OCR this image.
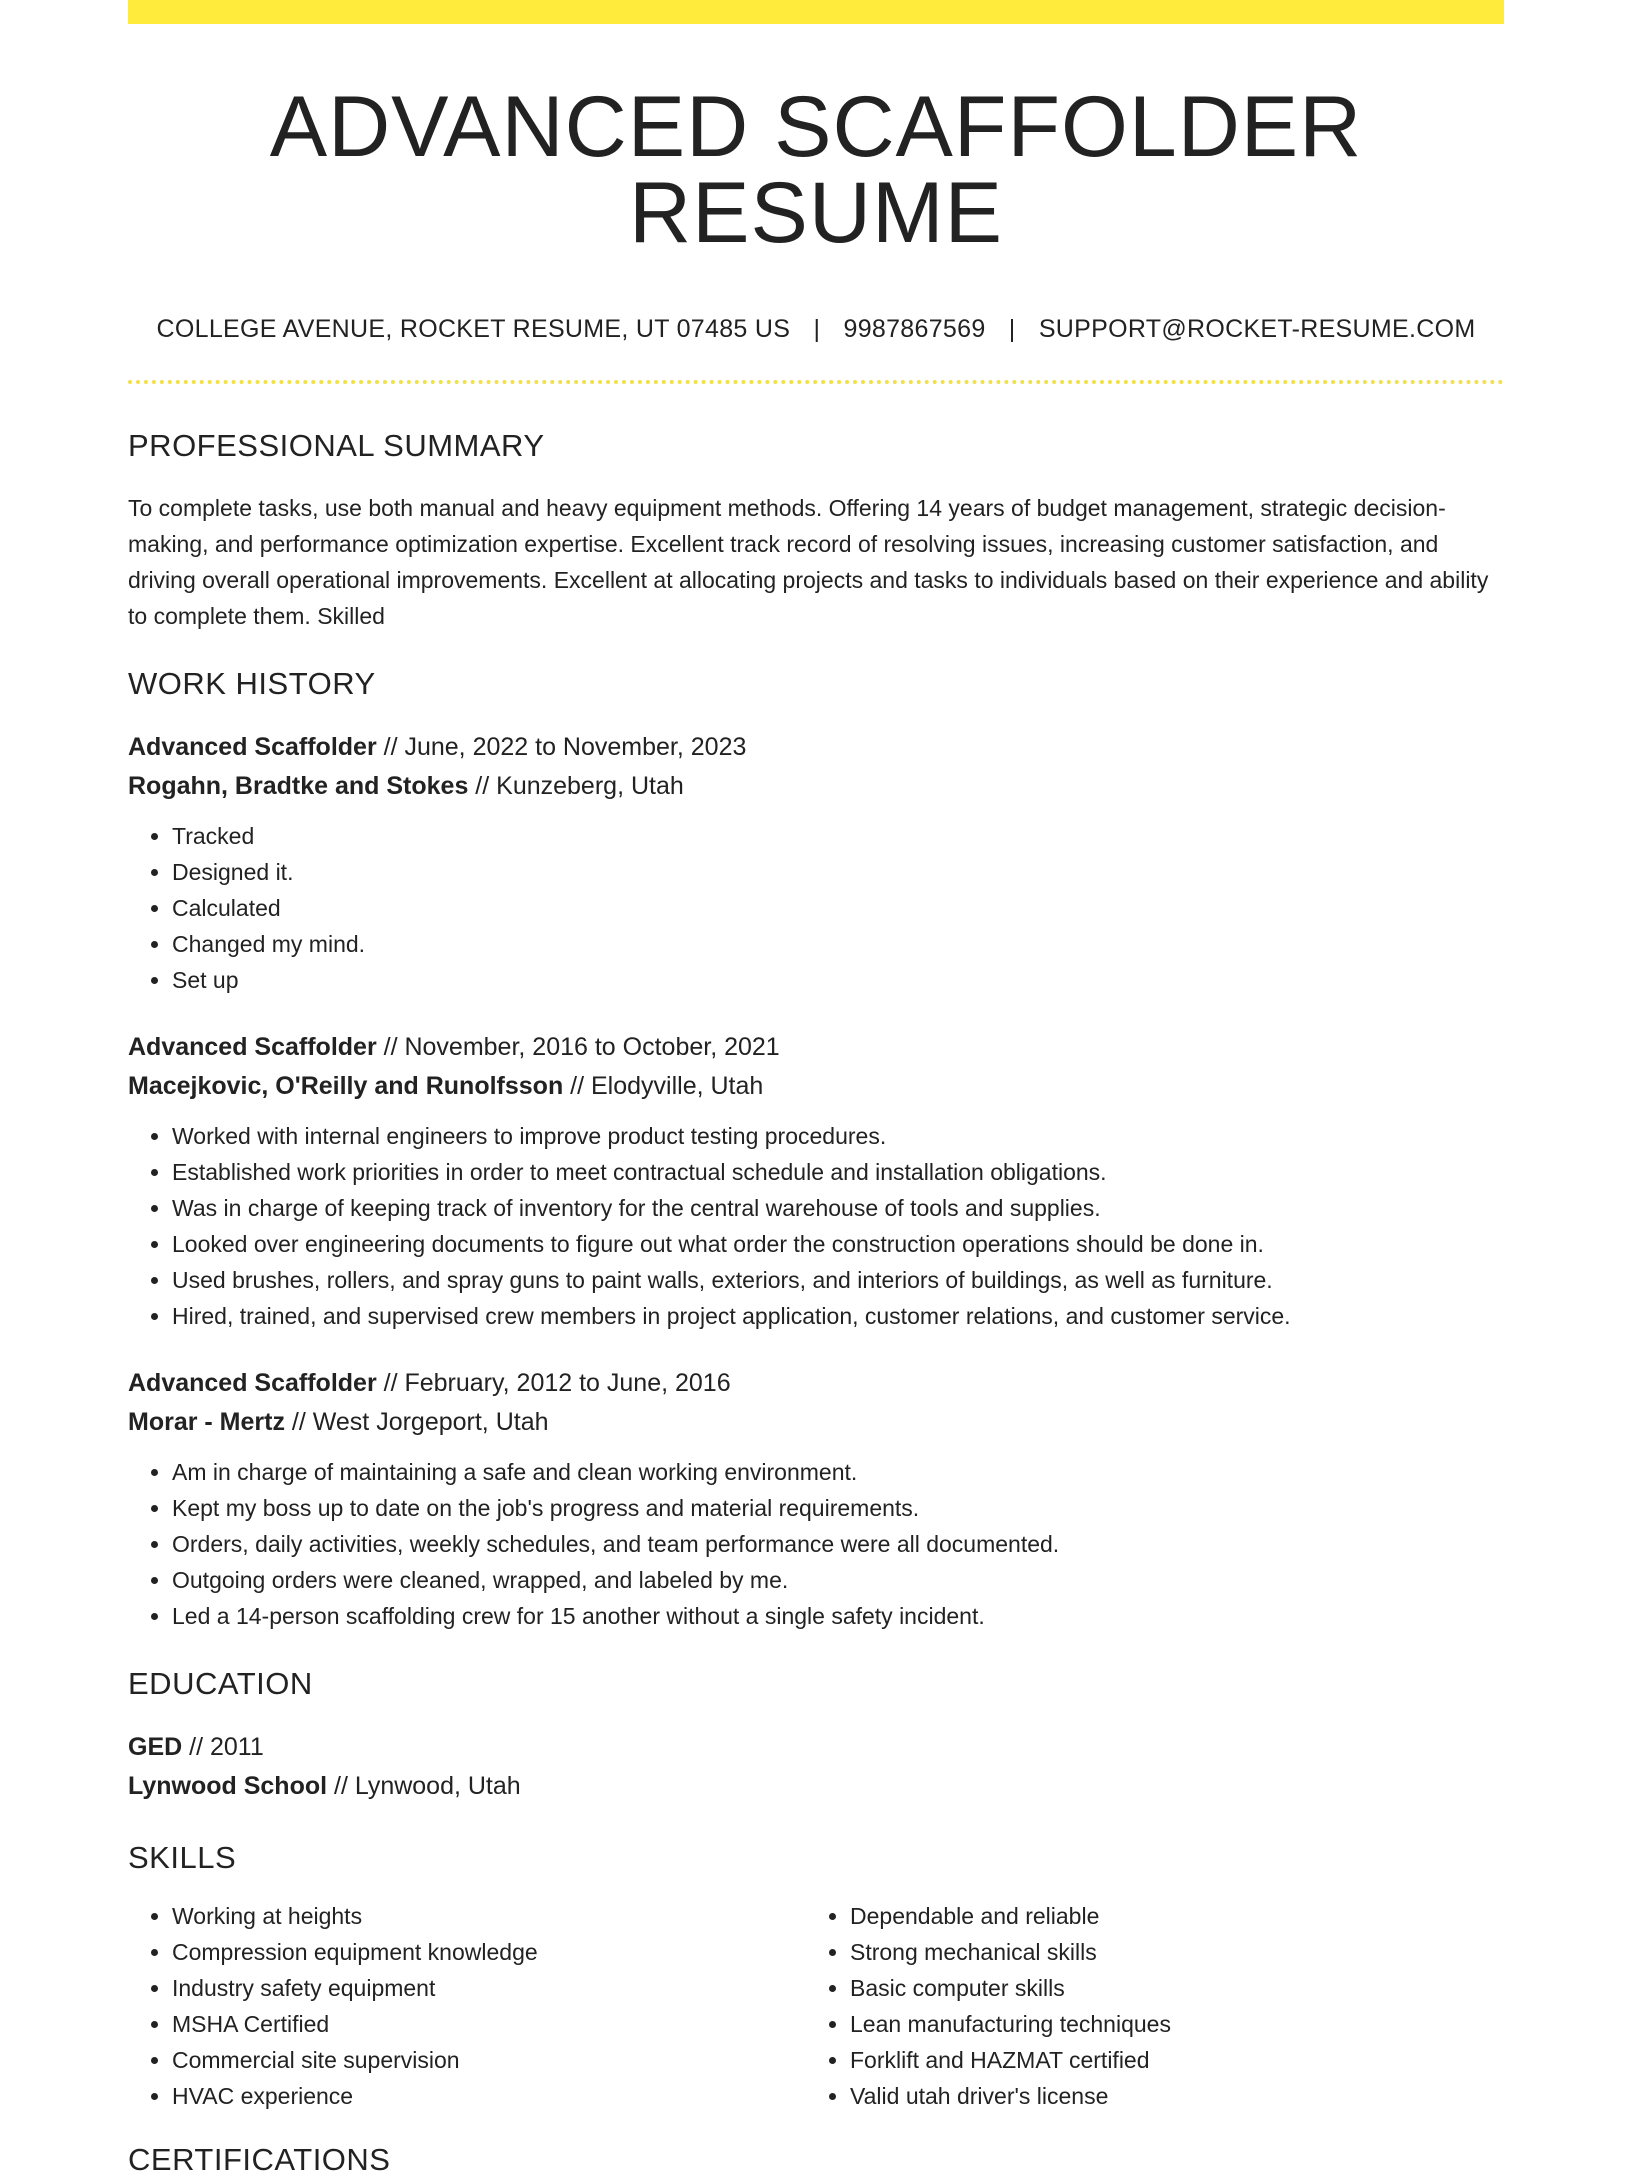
ADVANCED SCAFFOLDER RESUME
COLLEGE AVENUE, ROCKET RESUME, UT 07485 US | 9987867569 | SUPPORT@ROCKET-RESUME.COM
PROFESSIONAL SUMMARY

To complete tasks, use both manual and heavy equipment methods. Offering 14 years of budget management, strategic decision-making, and performance optimization expertise. Excellent track record of resolving issues, increasing customer satisfaction, and driving overall operational improvements. Excellent at allocating projects and tasks to individuals based on their experience and ability to complete them. Skilled

WORK HISTORY
Advanced Scaffolder // June, 2022 to November, 2023
Rogahn, Bradtke and Stokes // Kunzeberg, Utah
• Tracked
• Designed it.
• Calculated
• Changed my mind.
• Set up
Advanced Scaffolder // November, 2016 to October, 2021
Macejkovic, O'Reilly and Runolfsson // Elodyville, Utah
• Worked with internal engineers to improve product testing procedures.
• Established work priorities in order to meet contractual schedule and installation obligations.
• Was in charge of keeping track of inventory for the central warehouse of tools and supplies.
• Looked over engineering documents to figure out what order the construction operations should be done in.
• Used brushes, rollers, and spray guns to paint walls, exteriors, and interiors of buildings, as well as furniture.
• Hired, trained, and supervised crew members in project application, customer relations, and customer service.
Advanced Scaffolder // February, 2012 to June, 2016
Morar - Mertz // West Jorgeport, Utah
• Am in charge of maintaining a safe and clean working environment.
• Kept my boss up to date on the job's progress and material requirements.
• Orders, daily activities, weekly schedules, and team performance were all documented.
• Outgoing orders were cleaned, wrapped, and labeled by me.
• Led a 14-person scaffolding crew for 15 another without a single safety incident.
EDUCATION
GED // 2011
Lynwood School // Lynwood, Utah
SKILLS
• Working at heights
• Compression equipment knowledge
• Industry safety equipment
• MSHA Certified
• Commercial site supervision
• HVAC experience
• Dependable and reliable
• Strong mechanical skills
• Basic computer skills
• Lean manufacturing techniques
• Forklift and HAZMAT certified
• Valid utah driver's license
CERTIFICATIONS
